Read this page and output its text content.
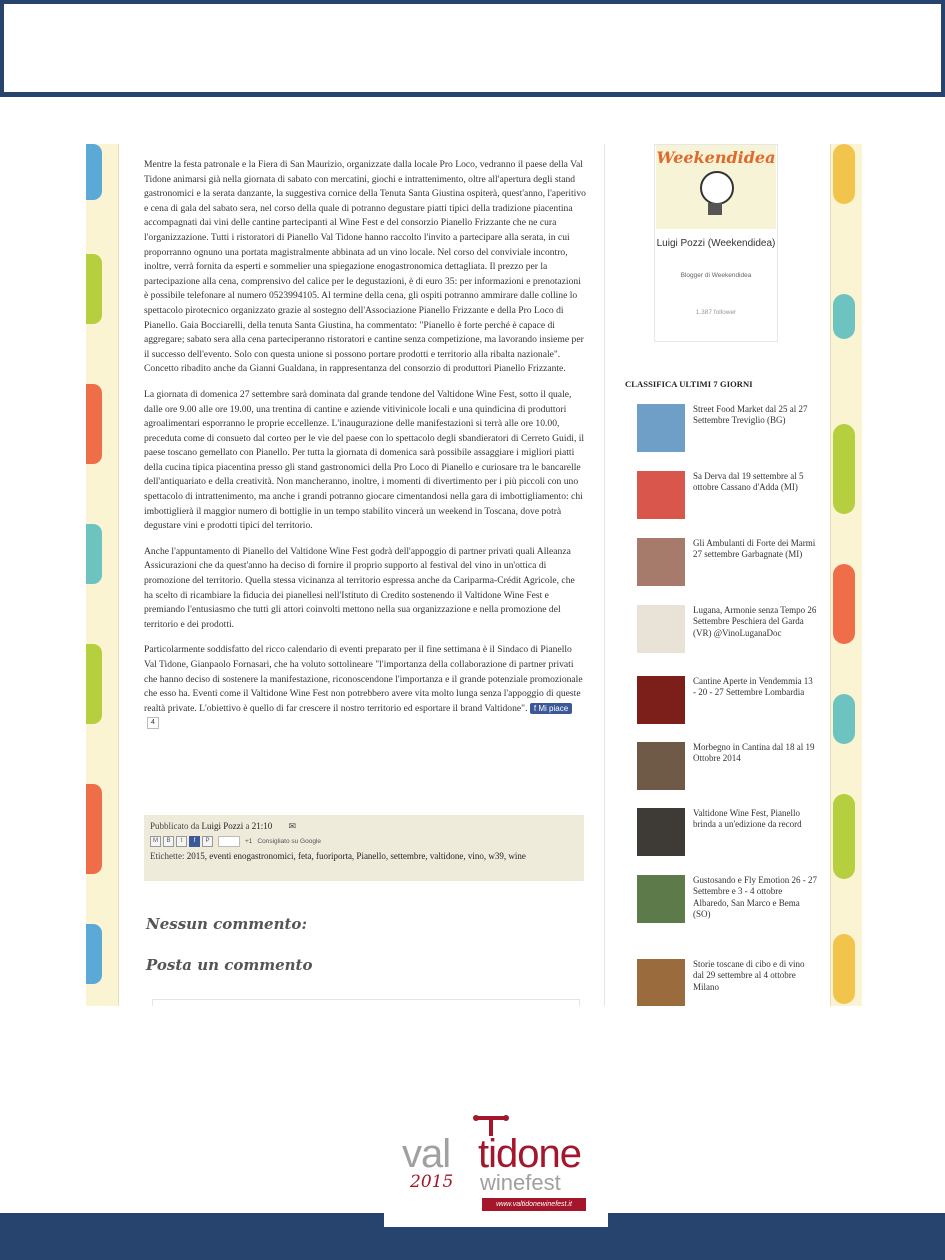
Mentre la festa patronale e la Fiera di San Maurizio, organizzate dalla locale Pro Loco, vedranno il paese della Val Tidone animarsi già nella giornata di sabato con mercatini, giochi e intrattenimento, oltre all'apertura degli stand gastronomici e la serata danzante, la suggestiva cornice della Tenuta Santa Giustina ospiterà, quest'anno, l'aperitivo e cena di gala del sabato sera, nel corso della quale di potranno degustare piatti tipici della tradizione piacentina accompagnati dai vini delle cantine partecipanti al Wine Fest e del consorzio Pianello Frizzante che ne cura l'organizzazione. Tutti i ristoratori di Pianello Val Tidone hanno raccolto l'invito a partecipare alla serata, in cui proporranno ognuno una portata magistralmente abbinata ad un vino locale. Nel corso del conviviale incontro, inoltre, verrà fornita da esperti e sommelier una spiegazione enogastronomica dettagliata. Il prezzo per la partecipazione alla cena, comprensivo del calice per le degustazioni, è di euro 35: per informazioni e prenotazioni è possibile telefonare al numero 0523994105. Al termine della cena, gli ospiti potranno ammirare dalle colline lo spettacolo pirotecnico organizzato grazie al sostegno dell'Associazione Pianello Frizzante e della Pro Loco di Pianello. Gaia Bocciarelli, della tenuta Santa Giustina, ha commentato: "Pianello è forte perché è capace di aggregare; sabato sera alla cena parteciperanno ristoratori e cantine senza competizione, ma lavorando insieme per il successo dell'evento. Solo con questa unione si possono portare prodotti e territorio alla ribalta nazionale". Concetto ribadito anche da Gianni Gualdana, in rappresentanza del consorzio di produttori Pianello Frizzante.

La giornata di domenica 27 settembre sarà dominata dal grande tendone del Valtidone Wine Fest, sotto il quale, dalle ore 9.00 alle ore 19.00, una trentina di cantine e aziende vitivinicole locali e una quindicina di produttori agroalimentari esporranno le proprie eccellenze. L'inaugurazione delle manifestazioni si terrà alle ore 10.00, preceduta come di consueto dal corteo per le vie del paese con lo spettacolo degli sbandieratori di Cerreto Guidi, il paese toscano gemellato con Pianello. Per tutta la giornata di domenica sarà possibile assaggiare i migliori piatti della cucina tipica piacentina presso gli stand gastronomici della Pro Loco di Pianello e curiosare tra le bancarelle dell'antiquariato e della creatività. Non mancheranno, inoltre, i momenti di divertimento per i più piccoli con uno spettacolo di intrattenimento, ma anche i grandi potranno giocare cimentandosi nella gara di imbottigliamento: chi imbottiglierà il maggior numero di bottiglie in un tempo stabilito vincerà un weekend in Toscana, dove potrà degustare vini e prodotti tipici del territorio.

Anche l'appuntamento di Pianello del Valtidone Wine Fest godrà dell'appoggio di partner privati quali Alleanza Assicurazioni che da quest'anno ha deciso di fornire il proprio supporto al festival del vino in un'ottica di promozione del territorio. Quella stessa vicinanza al territorio espressa anche da Cariparma-Crédit Agricole, che ha scelto di ricambiare la fiducia dei pianellesi nell'Istituto di Credito sostenendo il Valtidone Wine Fest e premiando l'entusiasmo che tutti gli attori coinvolti mettono nella sua organizzazione e nella promozione del territorio e dei prodotti.

Particolarmente soddisfatto del ricco calendario di eventi preparato per il fine settimana è il Sindaco di Pianello Val Tidone, Gianpaolo Fornasari, che ha voluto sottolineare "l'importanza della collaborazione di partner privati che hanno deciso di sostenere la manifestazione, riconoscendone l'importanza e il grande potenziale promozionale che esso ha. Eventi come il Valtidone Wine Fest non potrebbero avere vita molto lunga senza l'appoggio di queste realtà private. L'obiettivo è quello di far crescere il nostro territorio ed esportare il brand Valtidone". f Mi piace4

Pubblicato da Luigi Pozzi a 21:10 ✉
M	B	t	f	P	+1 Consigliato su Google
Etichette: 2015, eventi enogastronomici, feta, fuoriporta, Pianello, settembre, valtidone, vino, w39, wine
Nessun commento:
Posta un commento
Weekendidea
Luigi Pozzi (Weekendidea)
Blogger di Weekendidea
1.387 follower
CLASSIFICA ULTIMI 7 GIORNI
Street Food Market dal 25 al 27 Settembre Treviglio (BG)
Sa Derva dal 19 settembre al 5 ottobre Cassano d'Adda (MI)
Gli Ambulanti di Forte dei Marmi 27 settembre Garbagnate (MI)
Lugana, Armonie senza Tempo 26 Settembre Peschiera del Garda (VR) @VinoLuganaDoc
Cantine Aperte in Vendemmia 13 - 20 - 27 Settembre Lombardia
Morbegno in Cantina dal 18 al 19 Ottobre 2014
Valtidone Wine Fest, Pianello brinda a un'edizione da record
Gustosando e Fly Emotion 26 - 27 Settembre e 3 - 4 ottobre Albaredo, San Marco e Bema (SO)
Storie toscane di cibo e di vino dal 29 settembre al 4 ottobre Milano
val tidone
2015 winefest
www.valtidonewinefest.it
